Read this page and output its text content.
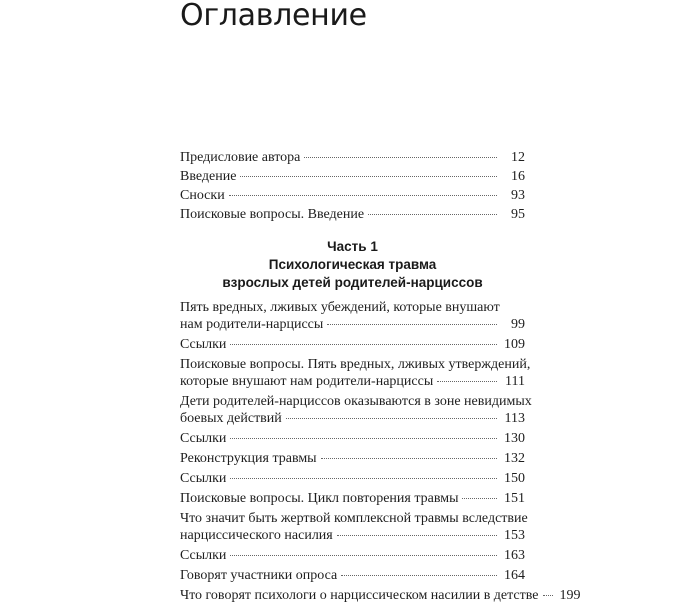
Оглавление
Предисловие автора	12
Введение	16
Сноски	93
Поисковые вопросы. Введение	95
Часть 1
Психологическая травма
взрослых детей родителей-нарциссов
Пять вредных, лживых убеждений, которые внушают
нам родители-нарциссы	99
Ссылки	109
Поисковые вопросы. Пять вредных, лживых утверждений,
которые внушают нам родители-нарциссы	111
Дети родителей-нарциссов оказываются в зоне невидимых
боевых действий	113
Ссылки	130
Реконструкция травмы	132
Ссылки	150
Поисковые вопросы. Цикл повторения травмы	151
Что значит быть жертвой комплексной травмы вследствие
нарциссического насилия	153
Ссылки	163
Говорят участники опроса	164
Что говорят психологи о нарциссическом насилии в детстве 199
